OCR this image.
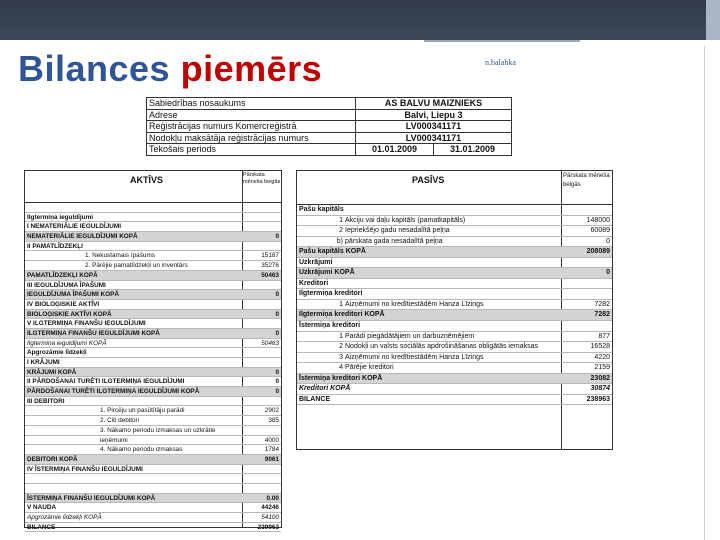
Bilances piemērs	n.balabka
Sabiedrības nosaukums	AS BALVU MAIZNIEKS	
Adrese	Balvi, Liepu 3	
Reģistrācijas numurs Komercreģistrā	LV000341171	
Nodokļu maksātāja reģistrācijas numurs	LV000341171	
Tekošais periods	01.01.2009	31.01.2009
AKTĪVS	Pārskata mēneša beigās
Ilgtermiņa ieguldījumi
I NEMATERIĀLIE IEGULDĪJUMI
NEMATERIĀLIE IEGULDĪJUMI KOPĀ	0
II PAMATLĪDZEKĻI
1. Nekustamais īpašums	15187
2. Pārējie pamatlīdzekļi un inventārs	35276
PAMATLĪDZEKĻI KOPĀ	50463
III IEGULDĪJUMA ĪPAŠUMI
IEGULDĪJUMA ĪPAŠUMI KOPĀ	0
IV BIOLOĢISKIE AKTĪVI
BIOLOĢISKIE AKTĪVI KOPĀ	0
V ILGTERMIŅA FINANŠU IEGULDĪJUMI
ILGTERMIŅA FINANŠU IEGULDĪJUMI KOPĀ	0
Ilgtermiņa ieguldījumi KOPĀ	50463
Apgrozāmie līdzekļi
I KRĀJUMI
KRĀJUMI KOPĀ	0
II PĀRDOŠANAI TURĒTI ILGTERMIŅA IEGULDĪJUMI	0
PĀRDOŠANAI TURĒTI ILGTERMIŅA IEGULDĪJUMI KOPĀ	0
III DEBITORI
1. Pircēju un pasūtītāju parādi	2902
2. Citi debitori	385
3. Nākamo periodu izmaksas un uzkrātie
ieņēmumi	4000
4. Nākamo periodu izmaksas	1784
DEBITORI KOPĀ	9061
IV ĪSTERMIŅA FINANŠU IEGULDĪJUMI
ĪSTERMIŅA FINANŠU IEGULDĪJUMI KOPĀ	0.00
V NAUDA	44246
Apgrozāmie līdzekļi KOPĀ	54100
BILANCE	239963
PASĪVS	Pārskata mēneša beigās
Pašu kapitāls
1 Akciju vai daļu kapitāls (pamatkapitāls)	148000
2 Iepriekšējo gadu nesadalītā peļņa	60089
b) pārskata gada nesadalītā peļņa	0
Pašu kapitāls KOPĀ	208089
Uzkrājumi
Uzkrājumi KOPĀ	0
Kreditori
Ilgtermiņa kreditori
1 Aizņēmumi no kredītiestādēm Hanza Līzings	7282
Ilgtermiņa kreditori KOPĀ	7282
Īstermiņa kreditori
1 Parādi piegādātājiem un darbuzņēmējiem	877
2 Nodokļi un valsts sociālās apdrošināšanas obligātās iemaksas	16528
3 Aizņēmumi no kredītiestādēm Hanza Līzings	4220
4 Pārējie kreditori	2159
Īstermiņa kreditori KOPĀ	23082
Kreditori KOPĀ	30874
BILANCE	238963
